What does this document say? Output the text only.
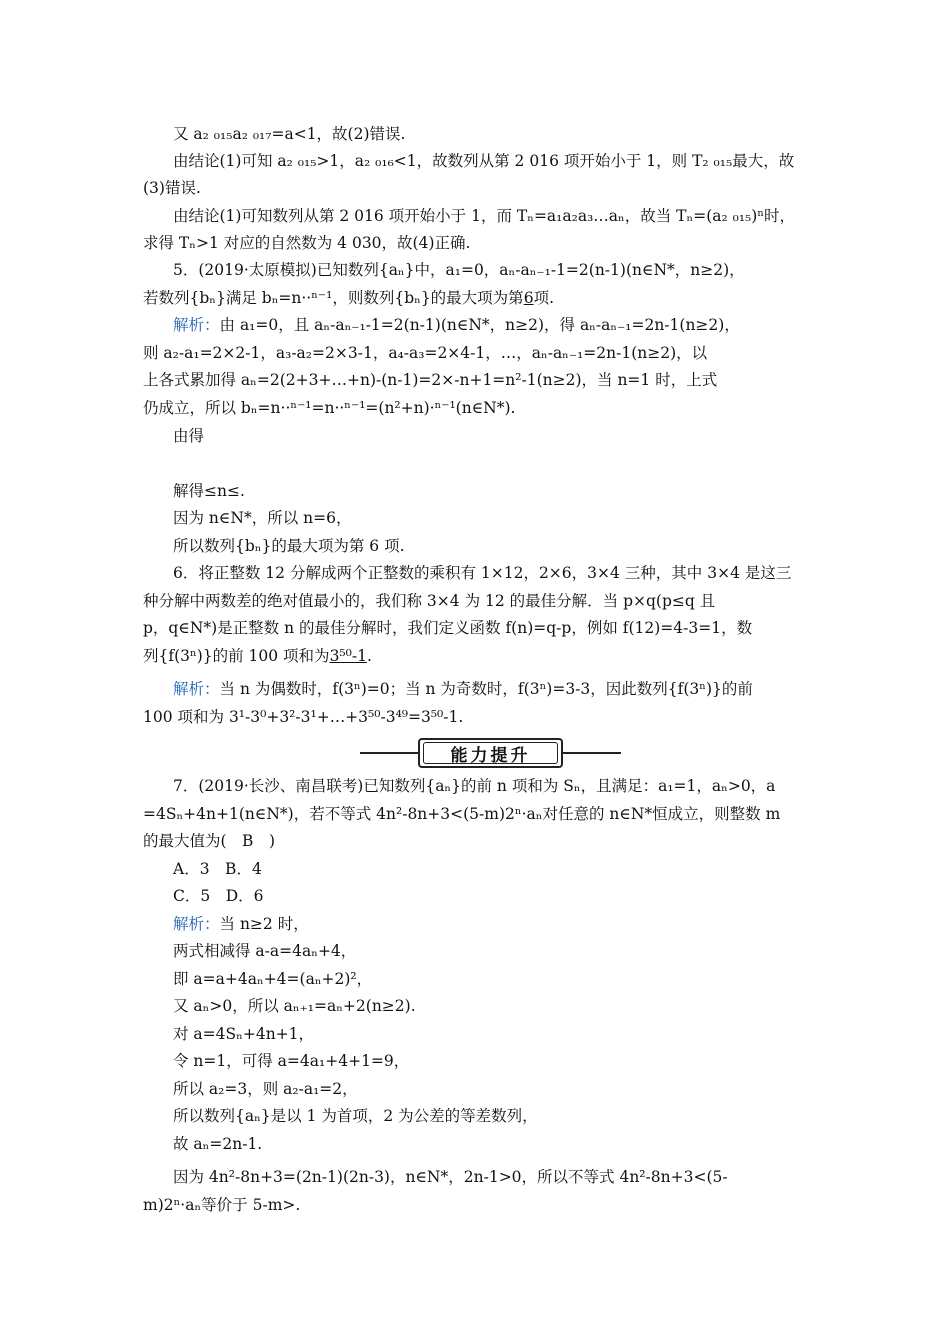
又 a₂ ₀₁₅a₂ ₀₁₇=a<1，故(2)错误.
由结论(1)可知 a₂ ₀₁₅>1，a₂ ₀₁₆<1，故数列从第 2 016 项开始小于 1，则 T₂ ₀₁₅最大，故
(3)错误.
由结论(1)可知数列从第 2 016 项开始小于 1，而 Tₙ=a₁a₂a₃…aₙ，故当 Tₙ=(a₂ ₀₁₅)ⁿ时，
求得 Tₙ>1 对应的自然数为 4 030，故(4)正确.
5．(2019·太原模拟)已知数列{aₙ}中，a₁=0，aₙ-aₙ₋₁-1=2(n-1)(n∈N*，n≥2)，
若数列{bₙ}满足 bₙ=n··ⁿ⁻¹，则数列{bₙ}的最大项为第6项.
解析：由 a₁=0，且 aₙ-aₙ₋₁-1=2(n-1)(n∈N*，n≥2)，得 aₙ-aₙ₋₁=2n-1(n≥2)，
则 a₂-a₁=2×2-1，a₃-a₂=2×3-1，a₄-a₃=2×4-1，…，aₙ-aₙ₋₁=2n-1(n≥2)，以
上各式累加得 aₙ=2(2+3+…+n)-(n-1)=2×-n+1=n²-1(n≥2)，当 n=1 时，上式
仍成立，所以 bₙ=n··ⁿ⁻¹=n··ⁿ⁻¹=(n²+n)·ⁿ⁻¹(n∈N*).
由得
解得≤n≤.
因为 n∈N*，所以 n=6，
所以数列{bₙ}的最大项为第 6 项.
6．将正整数 12 分解成两个正整数的乘积有 1×12，2×6，3×4 三种，其中 3×4 是这三
种分解中两数差的绝对值最小的，我们称 3×4 为 12 的最佳分解．当 p×q(p≤q 且
p，q∈N*)是正整数 n 的最佳分解时，我们定义函数 f(n)=q-p，例如 f(12)=4-3=1，数
列{f(3ⁿ)}的前 100 项和为3⁵⁰-1.
解析：当 n 为偶数时，f(3ⁿ)=0；当 n 为奇数时，f(3ⁿ)=3-3，因此数列{f(3ⁿ)}的前
100 项和为 3¹-3⁰+3²-3¹+…+3⁵⁰-3⁴⁹=3⁵⁰-1.
7．(2019·长沙、南昌联考)已知数列{aₙ}的前 n 项和为 Sₙ，且满足：a₁=1，aₙ>0，a
=4Sₙ+4n+1(n∈N*)，若不等式 4n²-8n+3<(5-m)2ⁿ·aₙ对任意的 n∈N*恒成立，则整数 m
的最大值为(　B　)
A．3　B．4
C．5　D．6
解析：当 n≥2 时，
两式相减得 a-a=4aₙ+4，
即 a=a+4aₙ+4=(aₙ+2)²，
又 aₙ>0，所以 aₙ₊₁=aₙ+2(n≥2).
对 a=4Sₙ+4n+1，
令 n=1，可得 a=4a₁+4+1=9，
所以 a₂=3，则 a₂-a₁=2，
所以数列{aₙ}是以 1 为首项，2 为公差的等差数列，
故 aₙ=2n-1.
因为 4n²-8n+3=(2n-1)(2n-3)，n∈N*，2n-1>0，所以不等式 4n²-8n+3<(5-
m)2ⁿ·aₙ等价于 5-m>.
能力提升
